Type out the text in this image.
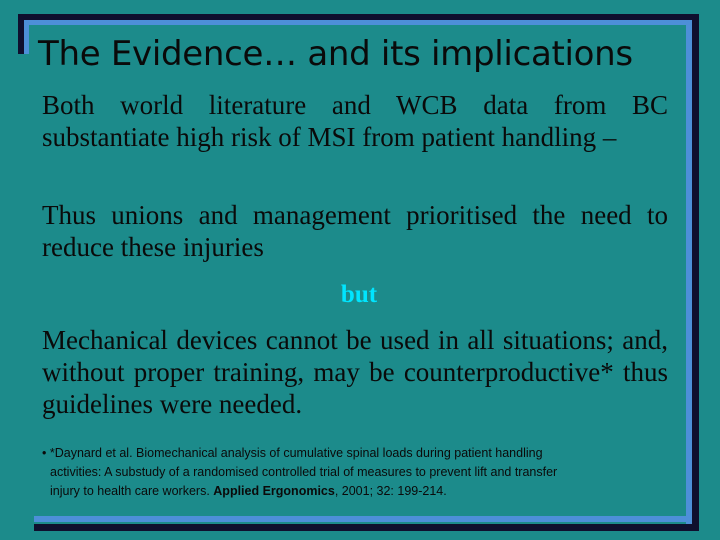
The Evidence… and its implications
Both world literature and WCB data from BC substantiate high risk of MSI from patient handling –
Thus unions and management prioritised the need to reduce these injuries
but
Mechanical devices cannot be used in all situations; and, without proper training, may be counterproductive* thus guidelines were needed.
• *Daynard et al. Biomechanical analysis of cumulative spinal loads during patient handling
activities: A substudy of a randomised controlled trial of measures to prevent lift and transfer
injury to health care workers. Applied Ergonomics, 2001; 32: 199-214.
